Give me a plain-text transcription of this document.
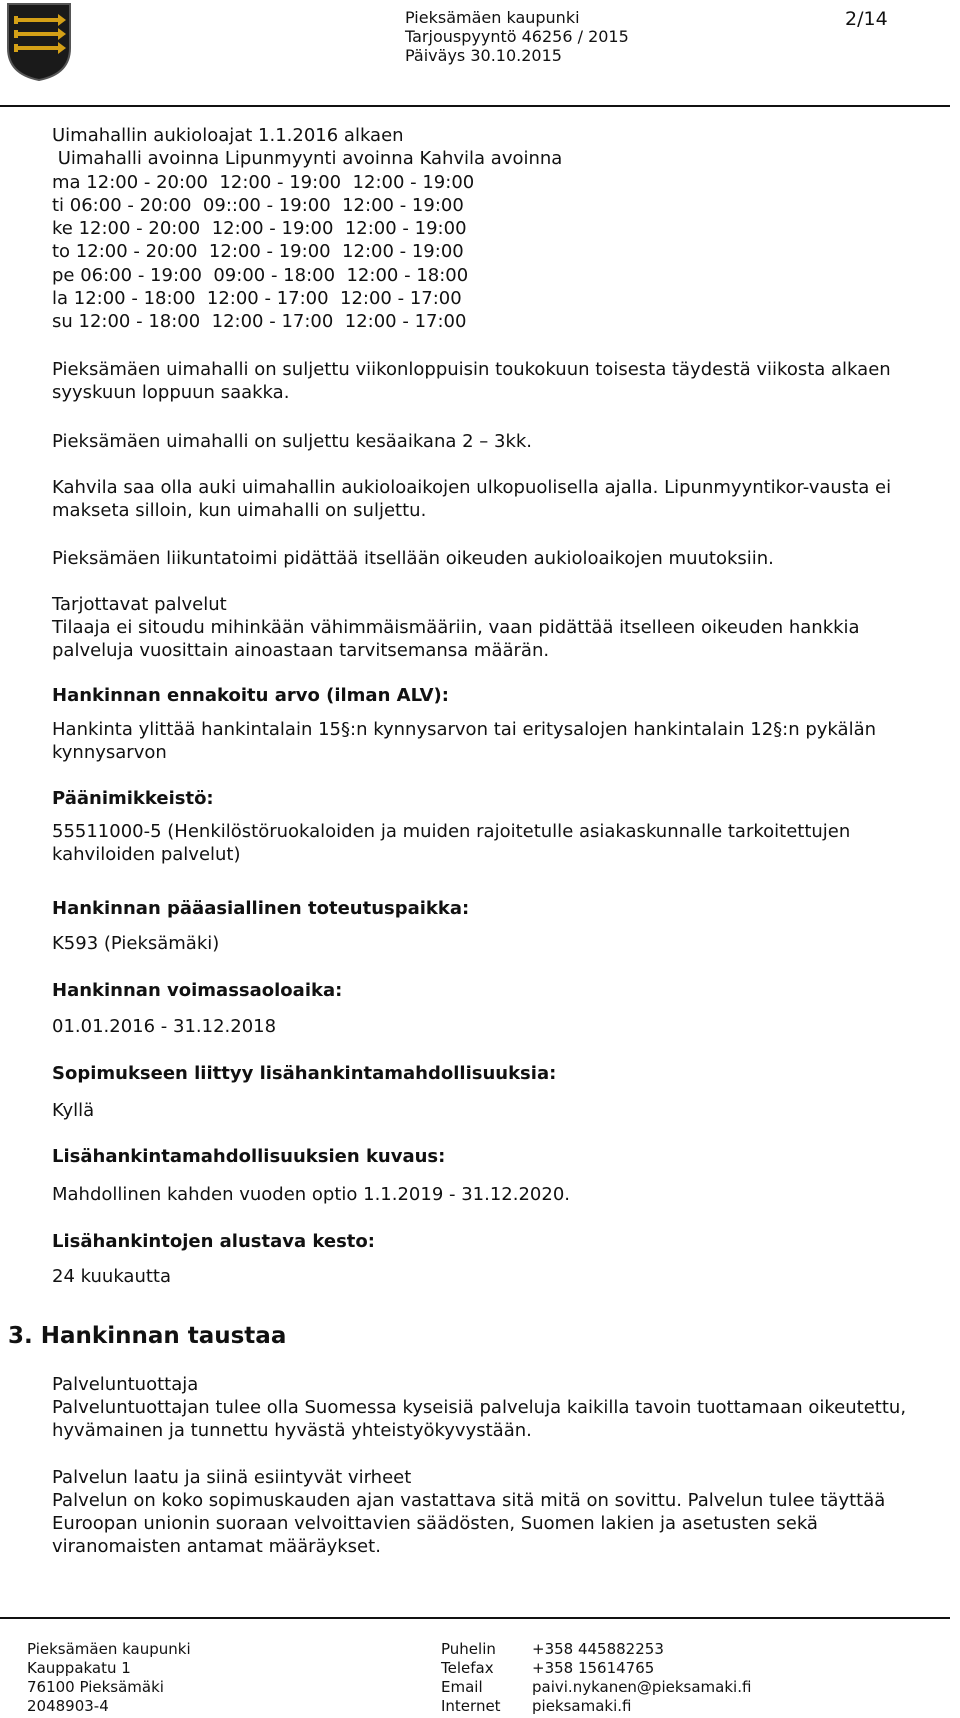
Pieksämäen kaupunki
Tarjouspyyntö 46256 / 2015
Päiväys 30.10.2015
2/14
Uimahallin aukioloajat 1.1.2016 alkaen
Uimahalli avoinna Lipunmyynti avoinna Kahvila avoinna
ma 12:00 - 20:00  12:00 - 19:00  12:00 - 19:00
ti 06:00 - 20:00  09::00 - 19:00  12:00 - 19:00
ke 12:00 - 20:00  12:00 - 19:00  12:00 - 19:00
to 12:00 - 20:00  12:00 - 19:00  12:00 - 19:00
pe 06:00 - 19:00  09:00 - 18:00  12:00 - 18:00
la 12:00 - 18:00  12:00 - 17:00  12:00 - 17:00
su 12:00 - 18:00  12:00 - 17:00  12:00 - 17:00

Pieksämäen uimahalli on suljettu viikonloppuisin toukokuun toisesta täydestä viikosta alkaen syyskuun loppuun saakka.

Pieksämäen uimahalli on suljettu kesäaikana 2 – 3kk.

Kahvila saa olla auki uimahallin aukioloaikojen ulkopuolisella ajalla. Lipunmyyntikor-vausta ei makseta silloin, kun uimahalli on suljettu.

Pieksämäen liikuntatoimi pidättää itsellään oikeuden aukioloaikojen muutoksiin.

Tarjottavat palvelut

Tilaaja ei sitoudu mihinkään vähimmäismääriin, vaan pidättää itselleen oikeuden hankkia palveluja vuosittain ainoastaan tarvitsemansa määrän.

Hankinnan ennakoitu arvo (ilman ALV):

Hankinta ylittää hankintalain 15§:n kynnysarvon tai eritysalojen hankintalain 12§:n pykälän kynnysarvon

Päänimikkeistö:

55511000-5 (Henkilöstöruokaloiden ja muiden rajoitetulle asiakaskunnalle tarkoitettujen kahviloiden palvelut)

Hankinnan pääasiallinen toteutuspaikka:

K593 (Pieksämäki)

Hankinnan voimassaoloaika:

01.01.2016 - 31.12.2018

Sopimukseen liittyy lisähankintamahdollisuuksia:

Kyllä

Lisähankintamahdollisuuksien kuvaus:

Mahdollinen kahden vuoden optio 1.1.2019 - 31.12.2020.

Lisähankintojen alustava kesto:

24 kuukautta

3. Hankinnan taustaa

Palveluntuottaja

Palveluntuottajan tulee olla Suomessa kyseisiä palveluja kaikilla tavoin tuottamaan oikeutettu, hyvämainen ja tunnettu hyvästä yhteistyökyvystään.

Palvelun laatu ja siinä esiintyvät virheet

Palvelun on koko sopimuskauden ajan vastattava sitä mitä on sovittu. Palvelun tulee täyttää Euroopan unionin suoraan velvoittavien säädösten, Suomen lakien ja asetusten sekä viranomaisten antamat määräykset.

Pieksämäen kaupunki
Kauppakatu 1
76100 Pieksämäki
2048903-4
Puhelin
Telefax
Email
Internet
+358 445882253
+358 15614765
paivi.nykanen@pieksamaki.fi
pieksamaki.fi
